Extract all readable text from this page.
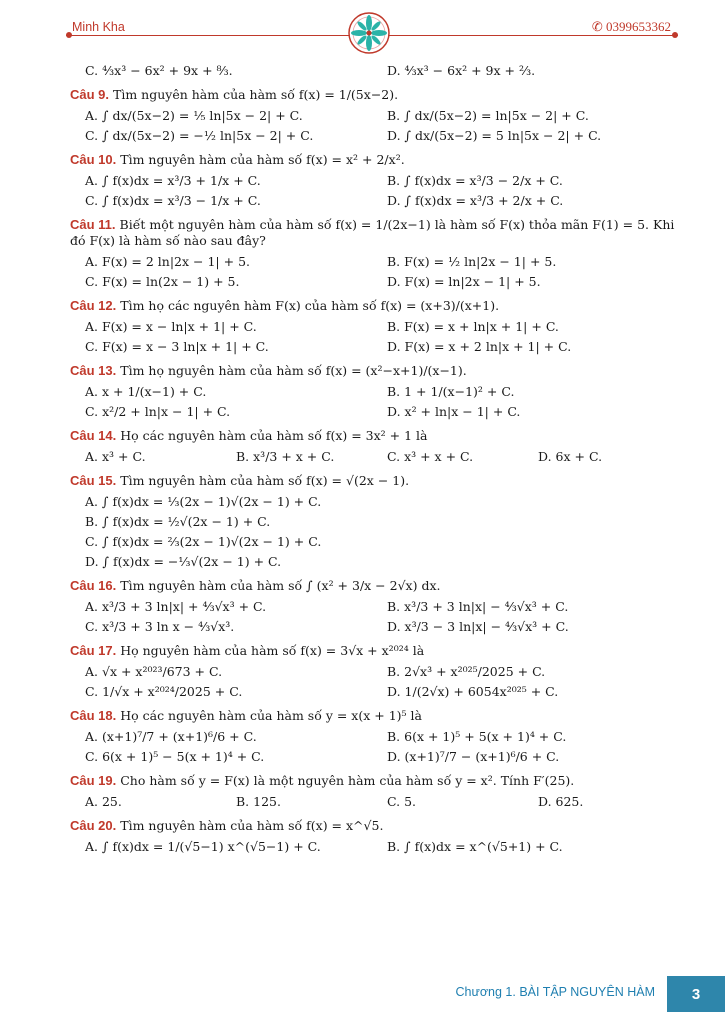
Minh Kha	✆ 0399653362
C. ⁴⁄₃x³ − 6x² + 9x + ⁸⁄₃.	D. ⁴⁄₃x³ − 6x² + 9x + ²⁄₃.
Câu 9. Tìm nguyên hàm của hàm số f(x) = 1/(5x−2).
A. ∫ dx/(5x−2) = ⅕ ln|5x − 2| + C.	B. ∫ dx/(5x−2) = ln|5x − 2| + C.
C. ∫ dx/(5x−2) = −½ ln|5x − 2| + C.	D. ∫ dx/(5x−2) = 5 ln|5x − 2| + C.
Câu 10. Tìm nguyên hàm của hàm số f(x) = x² + 2/x².
A. ∫ f(x)dx = x³/3 + 1/x + C.	B. ∫ f(x)dx = x³/3 − 2/x + C.
C. ∫ f(x)dx = x³/3 − 1/x + C.	D. ∫ f(x)dx = x³/3 + 2/x + C.
Câu 11. Biết một nguyên hàm của hàm số f(x) = 1/(2x−1) là hàm số F(x) thỏa mãn F(1) = 5. Khi đó F(x) là hàm số nào sau đây?
A. F(x) = 2 ln|2x − 1| + 5.	B. F(x) = ½ ln|2x − 1| + 5.
C. F(x) = ln(2x − 1) + 5.	D. F(x) = ln|2x − 1| + 5.
Câu 12. Tìm họ các nguyên hàm F(x) của hàm số f(x) = (x+3)/(x+1).
A. F(x) = x − ln|x + 1| + C.	B. F(x) = x + ln|x + 1| + C.
C. F(x) = x − 3 ln|x + 1| + C.	D. F(x) = x + 2 ln|x + 1| + C.
Câu 13. Tìm họ nguyên hàm của hàm số f(x) = (x²−x+1)/(x−1).
A. x + 1/(x−1) + C.	B. 1 + 1/(x−1)² + C.
C. x²/2 + ln|x − 1| + C.	D. x² + ln|x − 1| + C.
Câu 14. Họ các nguyên hàm của hàm số f(x) = 3x² + 1 là
A. x³ + C.	B. x³/3 + x + C.	C. x³ + x + C.	D. 6x + C.
Câu 15. Tìm nguyên hàm của hàm số f(x) = √(2x − 1).
A. ∫ f(x)dx = ⅓(2x − 1)√(2x − 1) + C.
B. ∫ f(x)dx = ½√(2x − 1) + C.
C. ∫ f(x)dx = ⅔(2x − 1)√(2x − 1) + C.
D. ∫ f(x)dx = −⅓√(2x − 1) + C.
Câu 16. Tìm nguyên hàm của hàm số ∫ (x² + 3/x − 2√x) dx.
A. x³/3 + 3 ln|x| + ⁴⁄₃√x³ + C.	B. x³/3 + 3 ln|x| − ⁴⁄₃√x³ + C.
C. x³/3 + 3 ln x − ⁴⁄₃√x³.	D. x³/3 − 3 ln|x| − ⁴⁄₃√x³ + C.
Câu 17. Họ nguyên hàm của hàm số f(x) = 3√x + x²⁰²⁴ là
A. √x + x²⁰²³/673 + C.	B. 2√x³ + x²⁰²⁵/2025 + C.
C. 1/√x + x²⁰²⁴/2025 + C.	D. 1/(2√x) + 6054x²⁰²⁵ + C.
Câu 18. Họ các nguyên hàm của hàm số y = x(x + 1)⁵ là
A. (x+1)⁷/7 + (x+1)⁶/6 + C.	B. 6(x + 1)⁵ + 5(x + 1)⁴ + C.
C. 6(x + 1)⁵ − 5(x + 1)⁴ + C.	D. (x+1)⁷/7 − (x+1)⁶/6 + C.
Câu 19. Cho hàm số y = F(x) là một nguyên hàm của hàm số y = x². Tính F′(25).
A. 25.	B. 125.	C. 5.	D. 625.
Câu 20. Tìm nguyên hàm của hàm số f(x) = x^√5.
A. ∫ f(x)dx = 1/(√5−1) x^(√5−1) + C.	B. ∫ f(x)dx = x^(√5+1) + C.
Chương 1. BÀI TẬP NGUYÊN HÀM	3
